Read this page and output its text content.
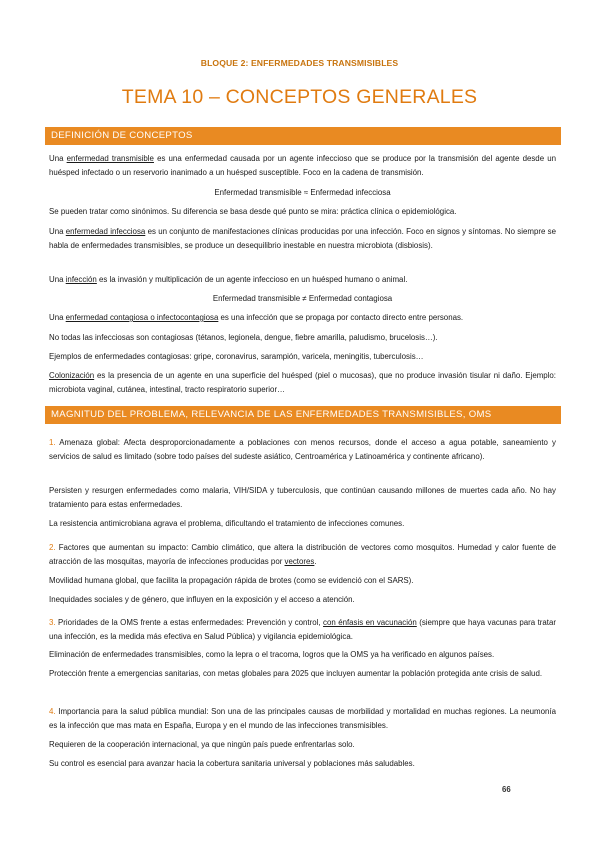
BLOQUE 2: ENFERMEDADES TRANSMISIBLES
TEMA 10 – CONCEPTOS GENERALES
DEFINICIÓN DE CONCEPTOS
Una enfermedad transmisible es una enfermedad causada por un agente infeccioso que se produce por la transmisión del agente desde un huésped infectado o un reservorio inanimado a un huésped susceptible. Foco en la cadena de transmisión.
Enfermedad transmisible ≈ Enfermedad infecciosa
Se pueden tratar como sinónimos. Su diferencia se basa desde qué punto se mira: práctica clínica o epidemiológica.
Una enfermedad infecciosa es un conjunto de manifestaciones clínicas producidas por una infección. Foco en signos y síntomas. No siempre se habla de enfermedades transmisibles, se produce un desequilibrio inestable en nuestra microbiota (disbiosis).
Una infección es la invasión y multiplicación de un agente infeccioso en un huésped humano o animal.
Enfermedad transmisible ≠ Enfermedad contagiosa
Una enfermedad contagiosa o infectocontagiosa es una infección que se propaga por contacto directo entre personas.
No todas las infecciosas son contagiosas (tétanos, legionela, dengue, fiebre amarilla, paludismo, brucelosis…).
Ejemplos de enfermedades contagiosas: gripe, coronavirus, sarampión, varicela, meningitis, tuberculosis…
Colonización es la presencia de un agente en una superficie del huésped (piel o mucosas), que no produce invasión tisular ni daño. Ejemplo: microbiota vaginal, cutánea, intestinal, tracto respiratorio superior…
MAGNITUD DEL PROBLEMA, RELEVANCIA DE LAS ENFERMEDADES TRANSMISIBLES, OMS
1. Amenaza global: Afecta desproporcionadamente a poblaciones con menos recursos, donde el acceso a agua potable, saneamiento y servicios de salud es limitado (sobre todo países del sudeste asiático, Centroamérica y Latinoamérica y continente africano).
Persisten y resurgen enfermedades como malaria, VIH/SIDA y tuberculosis, que continúan causando millones de muertes cada año. No hay tratamiento para estas enfermedades.
La resistencia antimicrobiana agrava el problema, dificultando el tratamiento de infecciones comunes.
2. Factores que aumentan su impacto: Cambio climático, que altera la distribución de vectores como mosquitos. Humedad y calor fuente de atracción de las mosquitas, mayoría de infecciones producidas por vectores.
Movilidad humana global, que facilita la propagación rápida de brotes (como se evidenció con el SARS).
Inequidades sociales y de género, que influyen en la exposición y el acceso a atención.
3. Prioridades de la OMS frente a estas enfermedades: Prevención y control, con énfasis en vacunación (siempre que haya vacunas para tratar una infección, es la medida más efectiva en Salud Pública) y vigilancia epidemiológica.
Eliminación de enfermedades transmisibles, como la lepra o el tracoma, logros que la OMS ya ha verificado en algunos países.
Protección frente a emergencias sanitarias, con metas globales para 2025 que incluyen aumentar la población protegida ante crisis de salud.
4. Importancia para la salud pública mundial: Son una de las principales causas de morbilidad y mortalidad en muchas regiones. La neumonía es la infección que mas mata en España, Europa y en el mundo de las infecciones transmisibles.
Requieren de la cooperación internacional, ya que ningún país puede enfrentarlas solo.
Su control es esencial para avanzar hacia la cobertura sanitaria universal y poblaciones más saludables.
66
